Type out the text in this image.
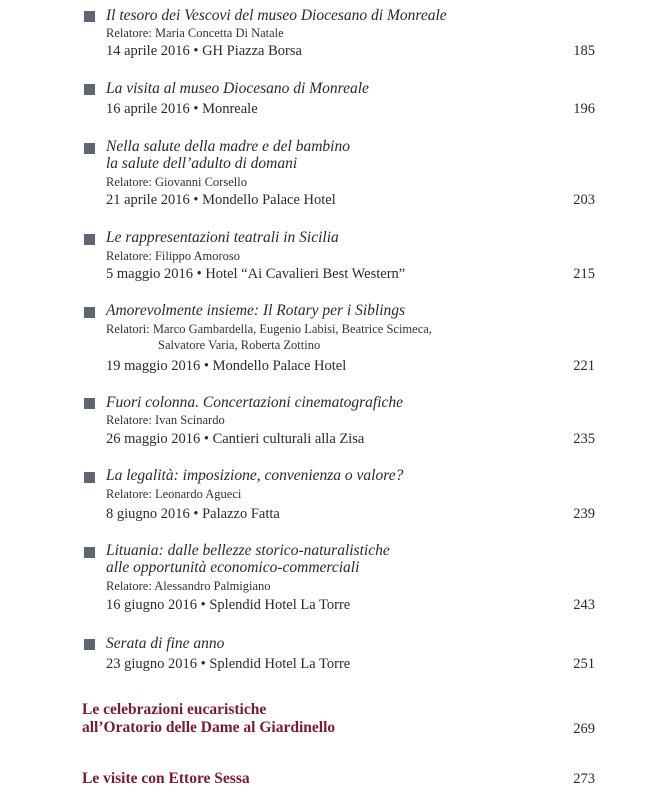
Il tesoro dei Vescovi del museo Diocesano di Monreale
Relatore: Maria Concetta Di Natale
14 aprile 2016 • GH Piazza Borsa	185
La visita al museo Diocesano di Monreale
16 aprile 2016 • Monreale	196
Nella salute della madre e del bambino
la salute dell’adulto di domani
Relatore: Giovanni Corsello
21 aprile 2016 • Mondello Palace Hotel	203
Le rappresentazioni teatrali in Sicilia
Relatore: Filippo Amoroso
5 maggio 2016 • Hotel “Ai Cavalieri Best Western”	215
Amorevolmente insieme: Il Rotary per i Siblings
Relatori: Marco Gambardella, Eugenio Labisi, Beatrice Scimeca,
Salvatore Varia, Roberta Zottino
19 maggio 2016 • Mondello Palace Hotel	221
Fuori colonna. Concertazioni cinematografiche
Relatore: Ivan Scinardo
26 maggio 2016 • Cantieri culturali alla Zisa	235
La legalità: imposizione, convenienza o valore?
Relatore: Leonardo Agueci
8 giugno 2016 • Palazzo Fatta	239
Lituania: dalle bellezze storico-naturalistiche
alle opportunità economico-commerciali
Relatore: Alessandro Palmigiano
16 giugno 2016 • Splendid Hotel La Torre	243
Serata di fine anno
23 giugno 2016 • Splendid Hotel La Torre	251
Le celebrazioni eucaristiche
all’Oratorio delle Dame al Giardinello	269
Le visite con Ettore Sessa	273
